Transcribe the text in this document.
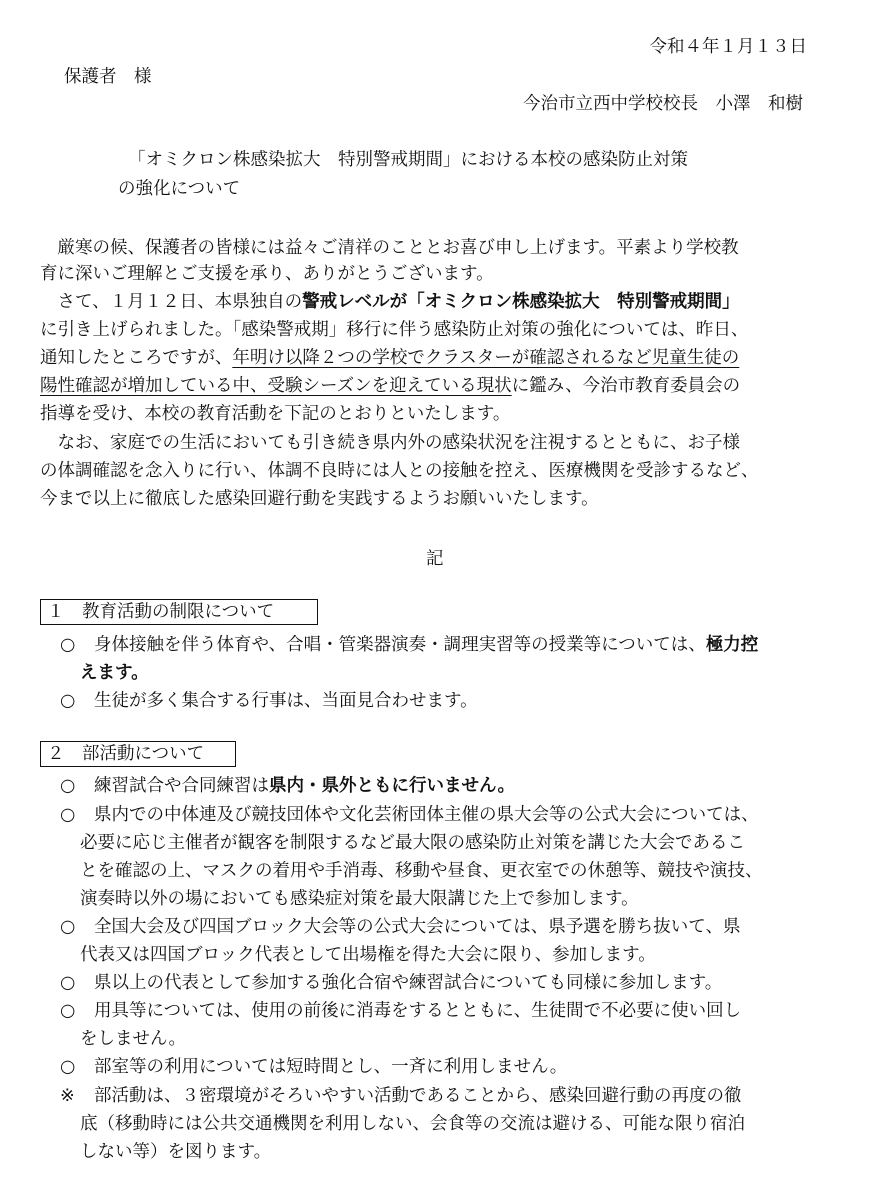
令和４年１月１３日
保護者　様
今治市立西中学校校長　小澤　和樹
「オミクロン株感染拡大　特別警戒期間」における本校の感染防止対策
の強化について
　厳寒の候、保護者の皆様には益々ご清祥のこととお喜び申し上げます。平素より学校教
育に深いご理解とご支援を承り、ありがとうございます。
　さて、１月１２日、本県独自の警戒レベルが「オミクロン株感染拡大　特別警戒期間」
に引き上げられました。「感染警戒期」移行に伴う感染防止対策の強化については、昨日、
通知したところですが、年明け以降２つの学校でクラスターが確認されるなど児童生徒の
陽性確認が増加している中、受験シーズンを迎えている現状に鑑み、今治市教育委員会の
指導を受け、本校の教育活動を下記のとおりといたします。
　なお、家庭での生活においても引き続き県内外の感染状況を注視するとともに、お子様
の体調確認を念入りに行い、体調不良時には人との接触を控え、医療機関を受診するなど、
今まで以上に徹底した感染回避行動を実践するようお願いいたします。
記
１　教育活動の制限について
○ 身体接触を伴う体育や、合唱・管楽器演奏・調理実習等の授業等については、極力控
えます。
○ 生徒が多く集合する行事は、当面見合わせます。
２　部活動について
○ 練習試合や合同練習は県内・県外ともに行いません。
○ 県内での中体連及び競技団体や文化芸術団体主催の県大会等の公式大会については、
必要に応じ主催者が観客を制限するなど最大限の感染防止対策を講じた大会であるこ
とを確認の上、マスクの着用や手消毒、移動や昼食、更衣室での休憩等、競技や演技、
演奏時以外の場においても感染症対策を最大限講じた上で参加します。
○ 全国大会及び四国ブロック大会等の公式大会については、県予選を勝ち抜いて、県
代表又は四国ブロック代表として出場権を得た大会に限り、参加します。
○ 県以上の代表として参加する強化合宿や練習試合についても同様に参加します。
○ 用具等については、使用の前後に消毒をするとともに、生徒間で不必要に使い回し
をしません。
○ 部室等の利用については短時間とし、一斉に利用しません。
※ 部活動は、３密環境がそろいやすい活動であることから、感染回避行動の再度の徹
底（移動時には公共交通機関を利用しない、会食等の交流は避ける、可能な限り宿泊
しない等）を図ります。
